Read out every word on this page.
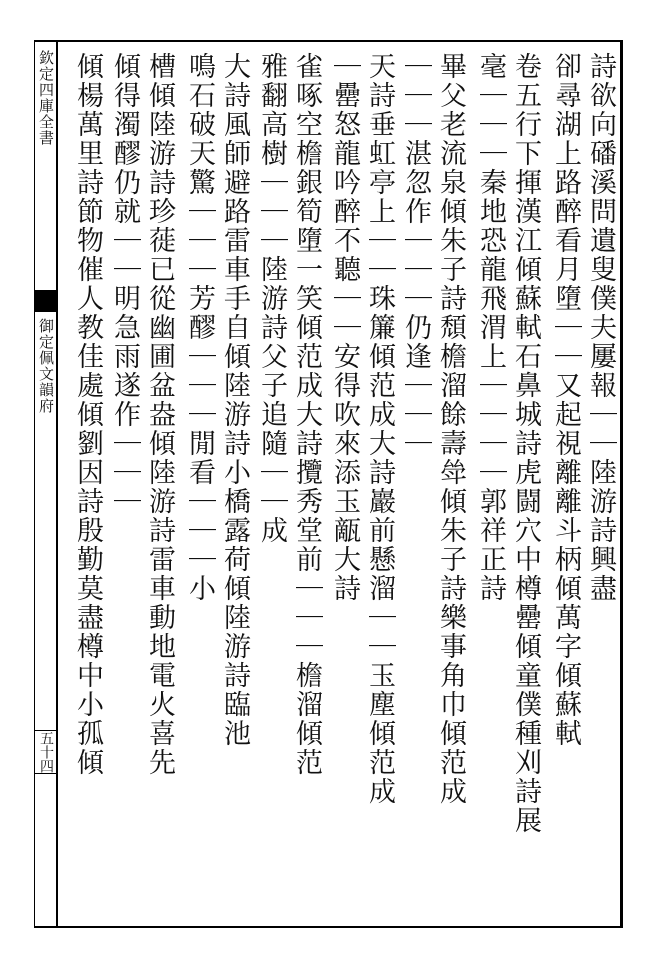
欽定四庫全書
御定佩文韻府
五十四
詩欲向磻溪問遺叟僕夫屢報｜｜陸游詩興盡
卻尋湖上路醉看月墮｜｜又起視離離斗柄傾萬字傾蘇軾
卷五行下揮漢江傾蘇軾石鼻城詩虎闘穴中樽罍傾童僕種刈詩展
毫｜｜｜秦地恐龍飛渭上｜｜｜｜郭祥正詩
畢父老流泉傾朱子詩頹檐溜餘壽斚傾朱子詩樂事角巾傾范成
｜｜｜湛忽作｜｜｜仍逢｜｜｜
天詩垂虹亭上｜｜珠簾傾范成大詩巖前懸溜｜｜玉塵傾范成
｜罍怒龍吟醉不聽｜｜安得吹來添玉甋大詩
雀啄空檐銀筍墮一笑傾范成大詩攬秀堂前｜｜｜檐溜傾范
雅翻高樹｜｜｜陸游詩父子追隨｜｜成
大詩風師避路雷車手自傾陸游詩小橋露荷傾陸游詩臨池
鳴石破天驚｜｜｜芳醪｜｜｜閒看｜｜｜小
槽傾陸游詩珍蓰已從幽圃盆盎傾陸游詩雷車動地電火喜先
傾得濁醪仍就｜｜明急雨遂作｜｜｜
傾楊萬里詩節物催人教佳處傾劉因詩殷勤莫盡樽中小孤傾
